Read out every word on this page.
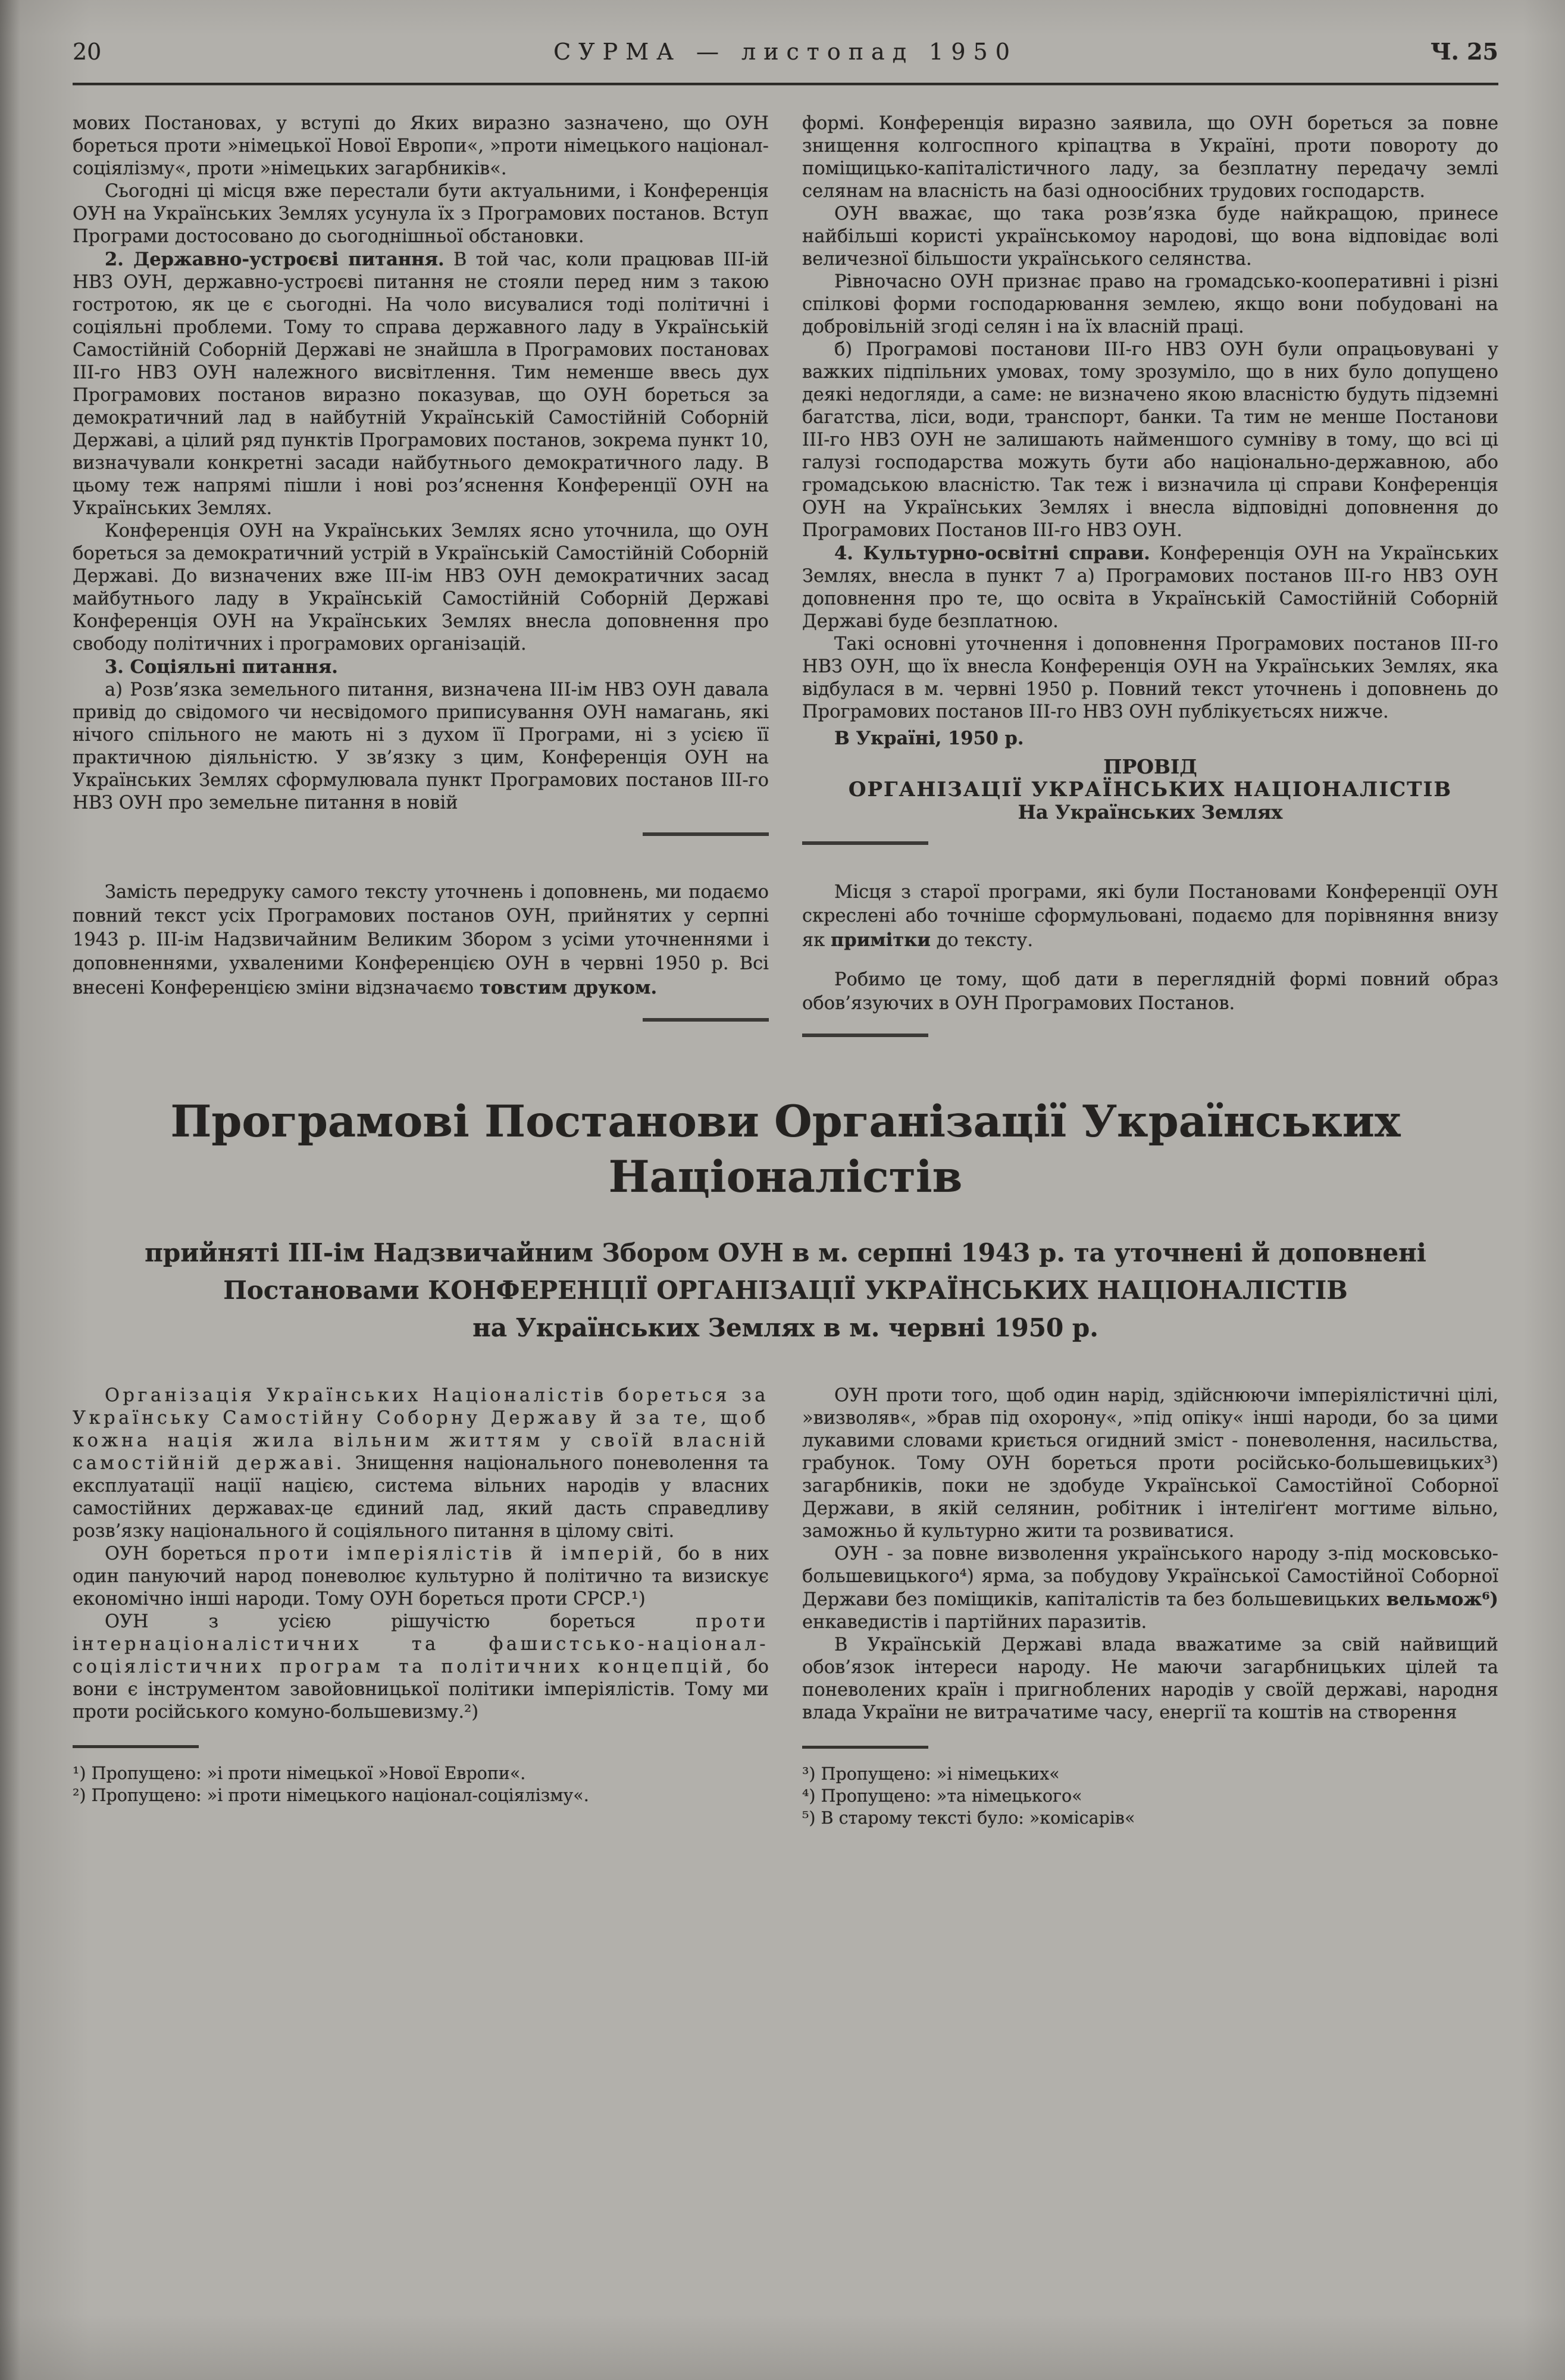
20	СУРМА — листопад 1950	Ч. 25

мових Постановах, у вступі до Яких виразно зазначено, що ОУН бореться проти »німецької Нової Европи«, »проти німецького націонал-соціялізму«, проти »німецьких загарбників«.

Сьогодні ці місця вже перестали бути актуальними, і Конференція ОУН на Українських Землях усунула їх з Програмових постанов. Вступ Програми достосовано до сьогоднішньої обстановки.

2. Державно-устроєві питання. В той час, коли працював ІІІ-ій НВЗ ОУН, державно-устроєві питання не стояли перед ним з такою гостротою, як це є сьогодні. На чоло висувалися тоді політичні і соціяльні проблеми. Тому то справа державного ладу в Українській Самостійній Соборній Державі не знайшла в Програмових постановах ІІІ-го НВЗ ОУН належного висвітлення. Тим неменше ввесь дух Програмових постанов виразно показував, що ОУН бореться за демократичний лад в найбутній Українській Самостійній Соборній Державі, а цілий ряд пунктів Програмових постанов, зокрема пункт 10, визначували конкретні засади найбутнього демократичного ладу. В цьому теж напрямі пішли і нові роз’яснення Конференції ОУН на Українських Землях.

Конференція ОУН на Українських Землях ясно уточнила, що ОУН бореться за демократичний устрій в Українській Самостійній Соборній Державі. До визначених вже ІІІ-ім НВЗ ОУН демократичних засад майбутнього ладу в Українській Самостійній Соборній Державі Конференція ОУН на Українських Землях внесла доповнення про свободу політичних і програмових організацій.

3. Соціяльні питання.

а) Розв’язка земельного питання, визначена ІІІ-ім НВЗ ОУН давала привід до свідомого чи несвідомого приписування ОУН намагань, які нічого спільного не мають ні з духом її Програми, ні з усією її практичною діяльністю. У зв’язку з цим, Конференція ОУН на Українських Землях сформулювала пункт Програмових постанов ІІІ-го НВЗ ОУН про земельне питання в новій

формі. Конференція виразно заявила, що ОУН бореться за повне знищення колгоспного кріпацтва в Україні, проти повороту до поміщицько-капіталістичного ладу, за безплатну передачу землі селянам на власність на базі одноосібних трудових господарств.

ОУН вважає, що така розв’язка буде найкращою, принесе найбільші користі українськомоу народові, що вона відповідає волі величезної більшости українського селянства.

Рівночасно ОУН признає право на громадсько-кооперативні і різні спілкові форми господарювання землею, якщо вони побудовані на добровільній згоді селян і на їх власній праці.

б) Програмові постанови ІІІ-го НВЗ ОУН були опрацьовувані у важких підпільних умовах, тому зрозуміло, що в них було допущено деякі недогляди, а саме: не визначено якою власністю будуть підземні багатства, ліси, води, транспорт, банки. Та тим не менше Постанови ІІІ-го НВЗ ОУН не залишають найменшого сумніву в тому, що всі ці галузі господарства можуть бути або національно-державною, або громадською власністю. Так теж і визначила ці справи Конференція ОУН на Українських Землях і внесла відповідні доповнення до Програмових Постанов ІІІ-го НВЗ ОУН.

4. Культурно-освітні справи. Конференція ОУН на Українських Землях, внесла в пункт 7 а) Програмових постанов ІІІ-го НВЗ ОУН доповнення про те, що освіта в Українській Самостійній Соборній Державі буде безплатною.

Такі основні уточнення і доповнення Програмових постанов ІІІ-го НВЗ ОУН, що їх внесла Конференція ОУН на Українських Землях, яка відбулася в м. червні 1950 р. Повний текст уточнень і доповнень до Програмових постанов ІІІ-го НВЗ ОУН публікуєтьсях нижче.

В Україні, 1950 р.

ПРОВІД

ОРГАНІЗАЦІЇ УКРАЇНСЬКИХ НАЦІОНАЛІСТІВ

На Українських Землях

Замість передруку самого тексту уточнень і доповнень, ми подаємо повний текст усіх Програмових постанов ОУН, прийнятих у серпні 1943 р. ІІІ-ім Надзвичайним Великим Збором з усіми уточненнями і доповненнями, ухваленими Конференцією ОУН в червні 1950 р. Всі внесені Конференцією зміни відзначаємо товстим друком.

Місця з старої програми, які були Постановами Конференції ОУН скреслені або точніше сформульовані, подаємо для порівняння внизу як примітки до тексту.

Робимо це тому, щоб дати в переглядній формі повний образ обов’язуючих в ОУН Програмових Постанов.

Програмові Постанови Організації Українських
Націоналістів
прийняті ІІІ-ім Надзвичайним Збором ОУН в м. серпні 1943 р. та уточнені й доповнені
Постановами КОНФЕРЕНЦІЇ ОРГАНІЗАЦІЇ УКРАЇНСЬКИХ НАЦІОНАЛІСТІВ
на Українських Землях в м. червні 1950 р.

Організація Українських Націоналістів бореться за Українську Самостійну Соборну Державу й за те, щоб кожна нація жила вільним життям у своїй власній самостійній державі. Знищення національного поневолення та експлуатації нації нацією, система вільних народів у власних самостійних державах-це єдиний лад, який дасть справедливу розв’язку національного й соціяльного питання в цілому світі.

ОУН бореться проти імперіялістів й імперій, бо в них один пануючий народ поневолює культурно й політично та визискує економічно інші народи. Тому ОУН бореться проти СРСР.¹)

ОУН з усією рішучістю бореться проти інтернаціоналістичних та фашистсько-націонал-соціялістичних програм та політичних концепцій, бо вони є інструментом завойовницької політики імперіялістів. Тому ми проти російського комуно-большевизму.²)

¹) Пропущено: »і проти німецької »Нової Европи«.

²) Пропущено: »і проти німецького націонал-соціялізму«.

ОУН проти того, щоб один нарід, здійснюючи імперіялістичні цілі, »визволяв«, »брав під охорону«, »під опіку« інші народи, бо за цими лукавими словами криється огидний зміст - поневолення, насильства, грабунок. Тому ОУН бореться проти російсько-большевицьких³) загарбників, поки не здобуде Української Самостійної Соборної Держави, в якій селянин, робітник і інтеліґент могтиме вільно, заможньо й культурно жити та розвиватися.

ОУН - за повне визволення українського народу з-під московсько-большевицького⁴) ярма, за побудову Української Самостійної Соборної Держави без поміщиків, капіталістів та без большевицьких вельмож⁶) енкаведистів і партійних паразитів.

В Українській Державі влада вважатиме за свій найвищий обов’язок інтереси народу. Не маючи загарбницьких цілей та поневолених країн і пригноблених народів у своїй державі, народня влада України не витрачатиме часу, енергії та коштів на створення

³) Пропущено: »і німецьких«

⁴) Пропущено: »та німецького«

⁵) В старому тексті було: »комісарів«
